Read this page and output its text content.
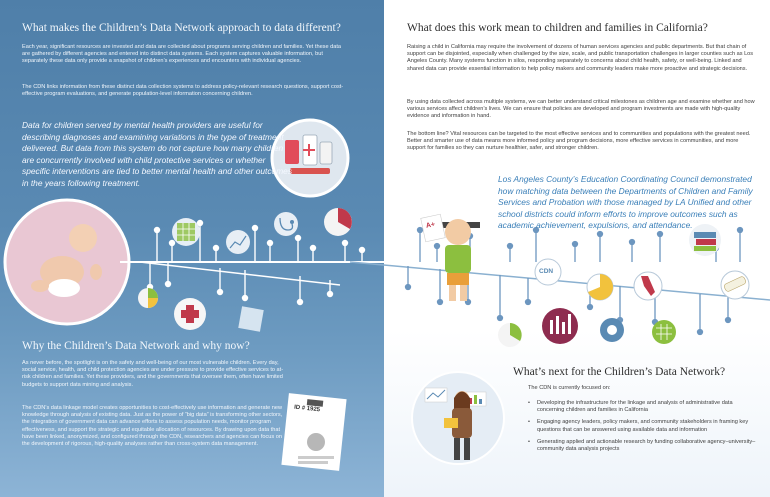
What makes the Children’s Data Network approach to data different?
Each year, significant resources are invested and data are collected about programs serving children and families. Yet these data are gathered by different agencies and entered into distinct data systems. Each system captures valuable information, but separately these data only provide a snapshot of children’s experiences and encounters with individual agencies.
The CDN links information from these distinct data collection systems to address policy-relevant research questions, support cost-effective program evaluations, and generate population-level information concerning children.
Data for children served by mental health providers are useful for describing diagnoses and examining variations in the type of treatment delivered. But data from this system do not capture how many children are concurrently involved with child protective services or whether specific interventions are tied to better mental health and other outcomes in the years following treatment.
Why the Children’s Data Network and why now?
As never before, the spotlight is on the safety and well-being of our most vulnerable children. Every day, social service, health, and child protection agencies are under pressure to provide effective services to at-risk children and families. Yet these providers, and the governments that oversee them, often have limited budgets to support data mining and analysis.
The CDN’s data linkage model creates opportunities to cost-effectively use information and generate new knowledge through analysis of existing data. Just as the power of “big data” is transforming other sectors, the integration of government data can advance efforts to assess population needs, monitor program effectiveness, and support the strategic and equitable allocation of resources. By drawing upon data that have been linked, anonymized, and configured through the CDN, researchers and agencies can focus on the development of rigorous, high-quality analyses rather than cross-system data management.
ID # 1925
What does this work mean to children and families in California?
Raising a child in California may require the involvement of dozens of human services agencies and public departments. But that chain of support can be disjointed, especially when challenged by the size, scale, and public transportation challenges in larger counties such as Los Angeles County. Many systems function in silos, responding separately to concerns about child health, safety, or well-being. Linked and shared data can provide essential information to help policy makers and community leaders make more proactive and strategic decisions.
By using data collected across multiple systems, we can better understand critical milestones as children age and examine whether and how various services affect children’s lives. We can ensure that policies are developed and program investments are made with high-quality evidence and information in hand.
The bottom line? Vital resources can be targeted to the most effective services and to communities and populations with the greatest need. Better and smarter use of data means more informed policy and program decisions, more effective services in communities, and more support for families so they can nurture healthier, safer, and stronger children.
Los Angeles County’s Education Coordinating Council demonstrated how matching data between the Departments of Children and Family Services and Probation with those managed by LA Unified and other school districts could inform efforts to improve outcomes such as academic achievement, expulsions, and attendance.
A+
CDN
What’s next for the Children’s Data Network?
The CDN is currently focused on:
• Developing the infrastructure for the linkage and analysis of administrative data concerning children and families in California
• Engaging agency leaders, policy makers, and community stakeholders in framing key questions that can be answered using available data and information
• Generating applied and actionable research by funding collaborative agency–university–community data analysis projects
